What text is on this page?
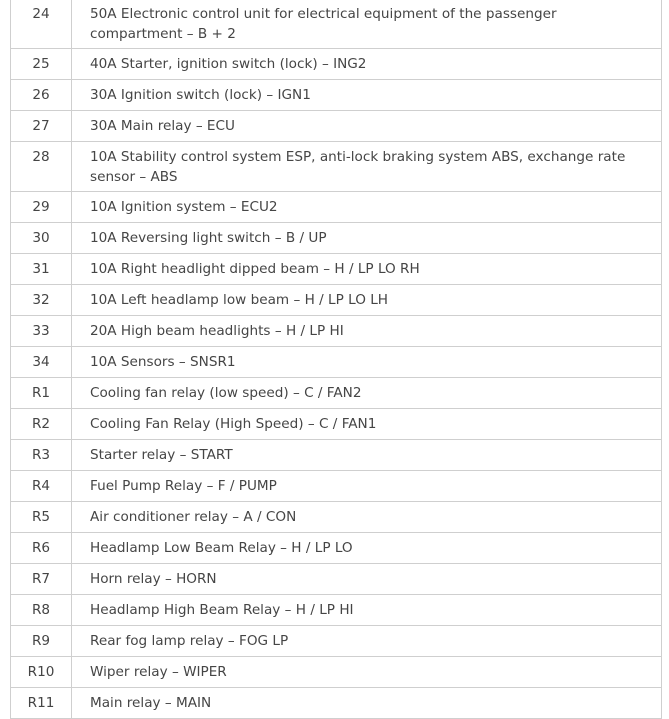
24	50A Electronic control unit for electrical equipment of the passenger compartment – B + 2
25	40A Starter, ignition switch (lock) – ING2
26	30A Ignition switch (lock) – IGN1
27	30A Main relay – ECU
28	10A Stability control system ESP, anti-lock braking system ABS, exchange rate sensor – ABS
29	10A Ignition system – ECU2
30	10A Reversing light switch – B / UP
31	10A Right headlight dipped beam – H / LP LO RH
32	10A Left headlamp low beam – H / LP LO LH
33	20A High beam headlights – H / LP HI
34	10A Sensors – SNSR1
R1	Cooling fan relay (low speed) – C / FAN2
R2	Cooling Fan Relay (High Speed) – C / FAN1
R3	Starter relay – START
R4	Fuel Pump Relay – F / PUMP
R5	Air conditioner relay – A / CON
R6	Headlamp Low Beam Relay – H / LP LO
R7	Horn relay – HORN
R8	Headlamp High Beam Relay – H / LP HI
R9	Rear fog lamp relay – FOG LP
R10	Wiper relay – WIPER
R11	Main relay – MAIN
